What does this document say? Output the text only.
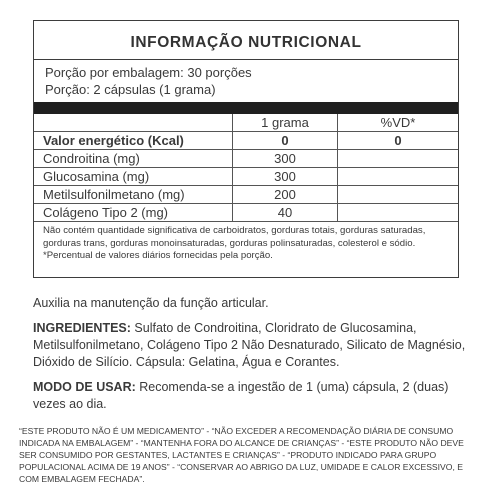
INFORMAÇÃO NUTRICIONAL
Porção por embalagem: 30 porções
Porção: 2 cápsulas (1 grama)
	1 grama	%VD*
Valor energético (Kcal)	0	0
Condroitina (mg)	300	
Glucosamina (mg)	300	
Metilsulfonilmetano (mg)	200	
Colágeno Tipo 2 (mg)	40	
Não contém quantidade significativa de carboidratos, gorduras totais, gorduras saturadas, gorduras trans, gorduras monoinsaturadas, gorduras polinsaturadas, colesterol e sódio. *Percentual de valores diários fornecidas pela porção.
Auxilia na manutenção da função articular.
INGREDIENTES: Sulfato de Condroitina, Cloridrato de Glucosamina, Metilsulfonilmetano, Colágeno Tipo 2 Não Desnaturado, Silicato de Magnésio, Dióxido de Silício. Cápsula: Gelatina, Água e Corantes.
MODO DE USAR: Recomenda-se a ingestão de 1 (uma) cápsula, 2 (duas) vezes ao dia.
“ESTE PRODUTO NÃO É UM MEDICAMENTO” - “NÃO EXCEDER A RECOMENDAÇÃO DIÁRIA DE CONSUMO INDICADA NA EMBALAGEM” - “MANTENHA FORA DO ALCANCE DE CRIANÇAS” - “ESTE PRODUTO NÃO DEVE SER CONSUMIDO POR GESTANTES, LACTANTES E CRIANÇAS” - “PRODUTO INDICADO PARA GRUPO POPULACIONAL ACIMA DE 19 ANOS” - “CONSERVAR AO ABRIGO DA LUZ, UMIDADE E CALOR EXCESSIVO, E COM EMBALAGEM FECHADA”.
